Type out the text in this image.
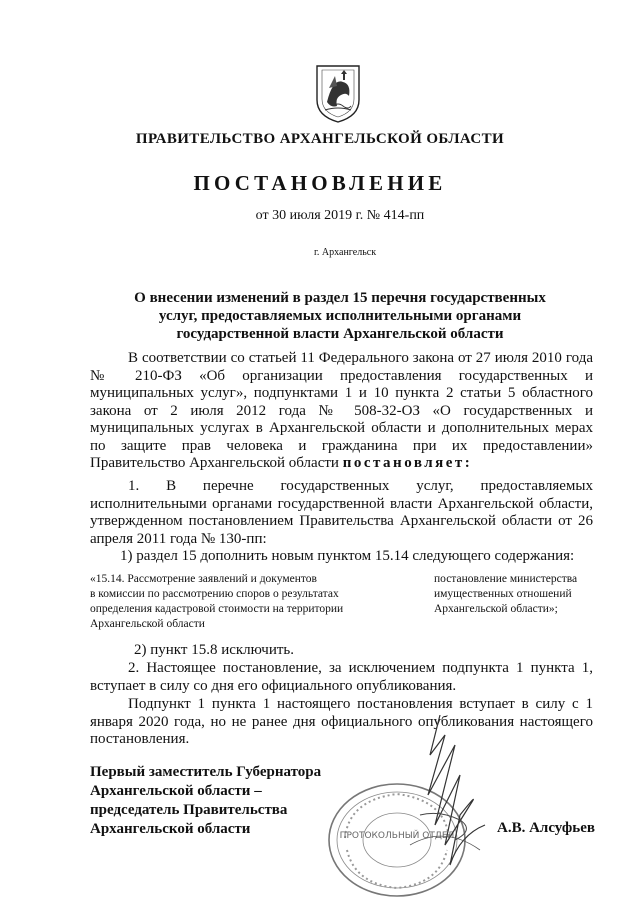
ПРАВИТЕЛЬСТВО АРХАНГЕЛЬСКОЙ ОБЛАСТИ
ПОСТАНОВЛЕНИЕ
от 30 июля 2019 г. № 414-пп
г. Архангельск
О внесении изменений в раздел 15 перечня государственных
услуг, предоставляемых исполнительными органами
государственной власти Архангельской области
В соответствии со статьей 11 Федерального закона от 27 июля 2010 года № 210-ФЗ «Об организации предоставления государственных и муниципальных услуг», подпунктами 1 и 10 пункта 2 статьи 5 областного закона от 2 июля 2012 года № 508-32-ОЗ «О государственных и муниципальных услугах в Архангельской области и дополнительных мерах по защите прав человека и гражданина при их предоставлении» Правительство Архангельской области постановляет:
1. В перечне государственных услуг, предоставляемых исполнительными органами государственной власти Архангельской области, утвержденном постановлением Правительства Архангельской области от 26 апреля 2011 года № 130-пп:
1) раздел 15 дополнить новым пунктом 15.14 следующего содержания:
«15.14. Рассмотрение заявлений и документов
в комиссии по рассмотрению споров о результатах
определения кадастровой стоимости на территории
Архангельской области
постановление министерства
имущественных отношений
Архангельской области»;
2) пункт 15.8 исключить.
2. Настоящее постановление, за исключением подпункта 1 пункта 1, вступает в силу со дня его официального опубликования.
Подпункт 1 пункта 1 настоящего постановления вступает в силу с 1 января 2020 года, но не ранее дня официального опубликования настоящего постановления.
Первый заместитель Губернатора
Архангельской области –
председатель Правительства
Архангельской области	ПРОТОКОЛЬНЫЙ ОТДЕЛ	А.В. Алсуфьев
